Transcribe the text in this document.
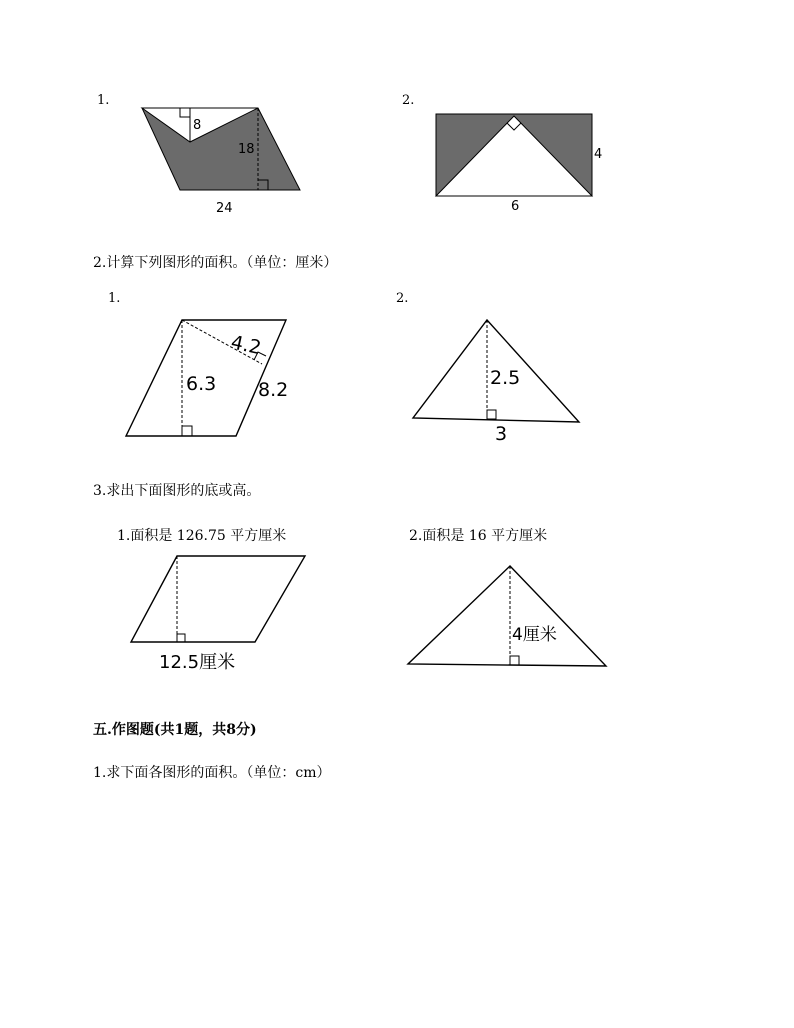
1.
8
18
24
2.
4
6
2.计算下列图形的面积。（单位：厘米）
1.
4.2
6.3 8.2
2.
2.5
3
3.求出下面图形的底或高。
1.面积是 126.75 平方厘米
12.5厘米
2.面积是 16 平方厘米
4厘米
五.作图题(共1题，共8分)
1.求下面各图形的面积。（单位：cm）
